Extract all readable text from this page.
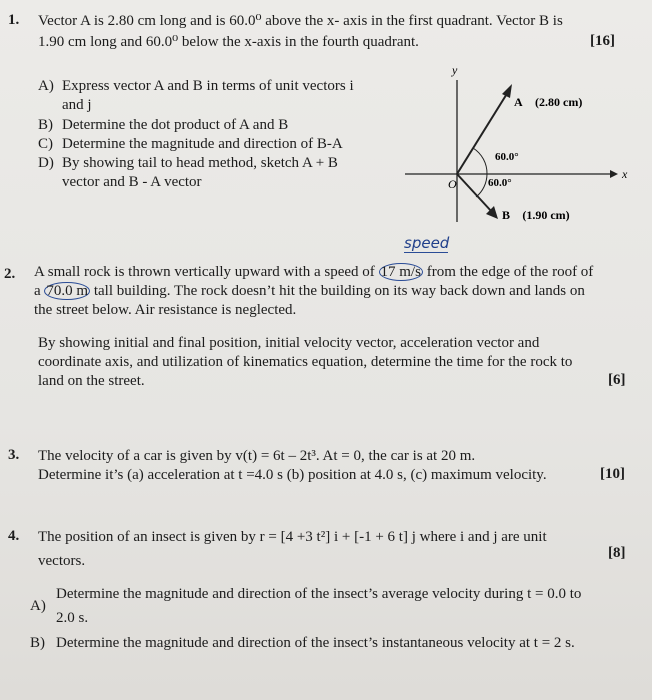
1. Vector A is 2.80 cm long and is 60.0⁰ above the x- axis in the first quadrant. Vector B is
1.90 cm long and 60.0⁰ below the x-axis in the fourth quadrant.	[16]
A) Express vector A and B in terms of unit vectors i
and j
B) Determine the dot product of A and B
C) Determine the magnitude and direction of B-A
D) By showing tail to head method, sketch A + B
vector and B - A vector
y
x
O
A⃗ (2.80 cm)
B⃗ (1.90 cm)
60.0°
60.0°
speed
2. A small rock is thrown vertically upward with a speed of 17 m/s from the edge of the roof of
a 70.0 m tall building. The rock doesn’t hit the building on its way back down and lands on
the street below. Air resistance is neglected.
By showing initial and final position, initial velocity vector, acceleration vector and
coordinate axis, and utilization of kinematics equation, determine the time for the rock to
land on the street.	[6]
3. The velocity of a car is given by v(t) = 6t – 2t³. At = 0, the car is at 20 m.
Determine it’s (a) acceleration at t =4.0 s (b) position at 4.0 s, (c) maximum velocity.	[10]
4. The position of an insect is given by r = [4 +3 t²] i + [-1 + 6 t] j where i and j are unit
vectors.	[8]
A)
Determine the magnitude and direction of the insect’s average velocity during t = 0.0 to
2.0 s.
B) Determine the magnitude and direction of the insect’s instantaneous velocity at t = 2 s.
